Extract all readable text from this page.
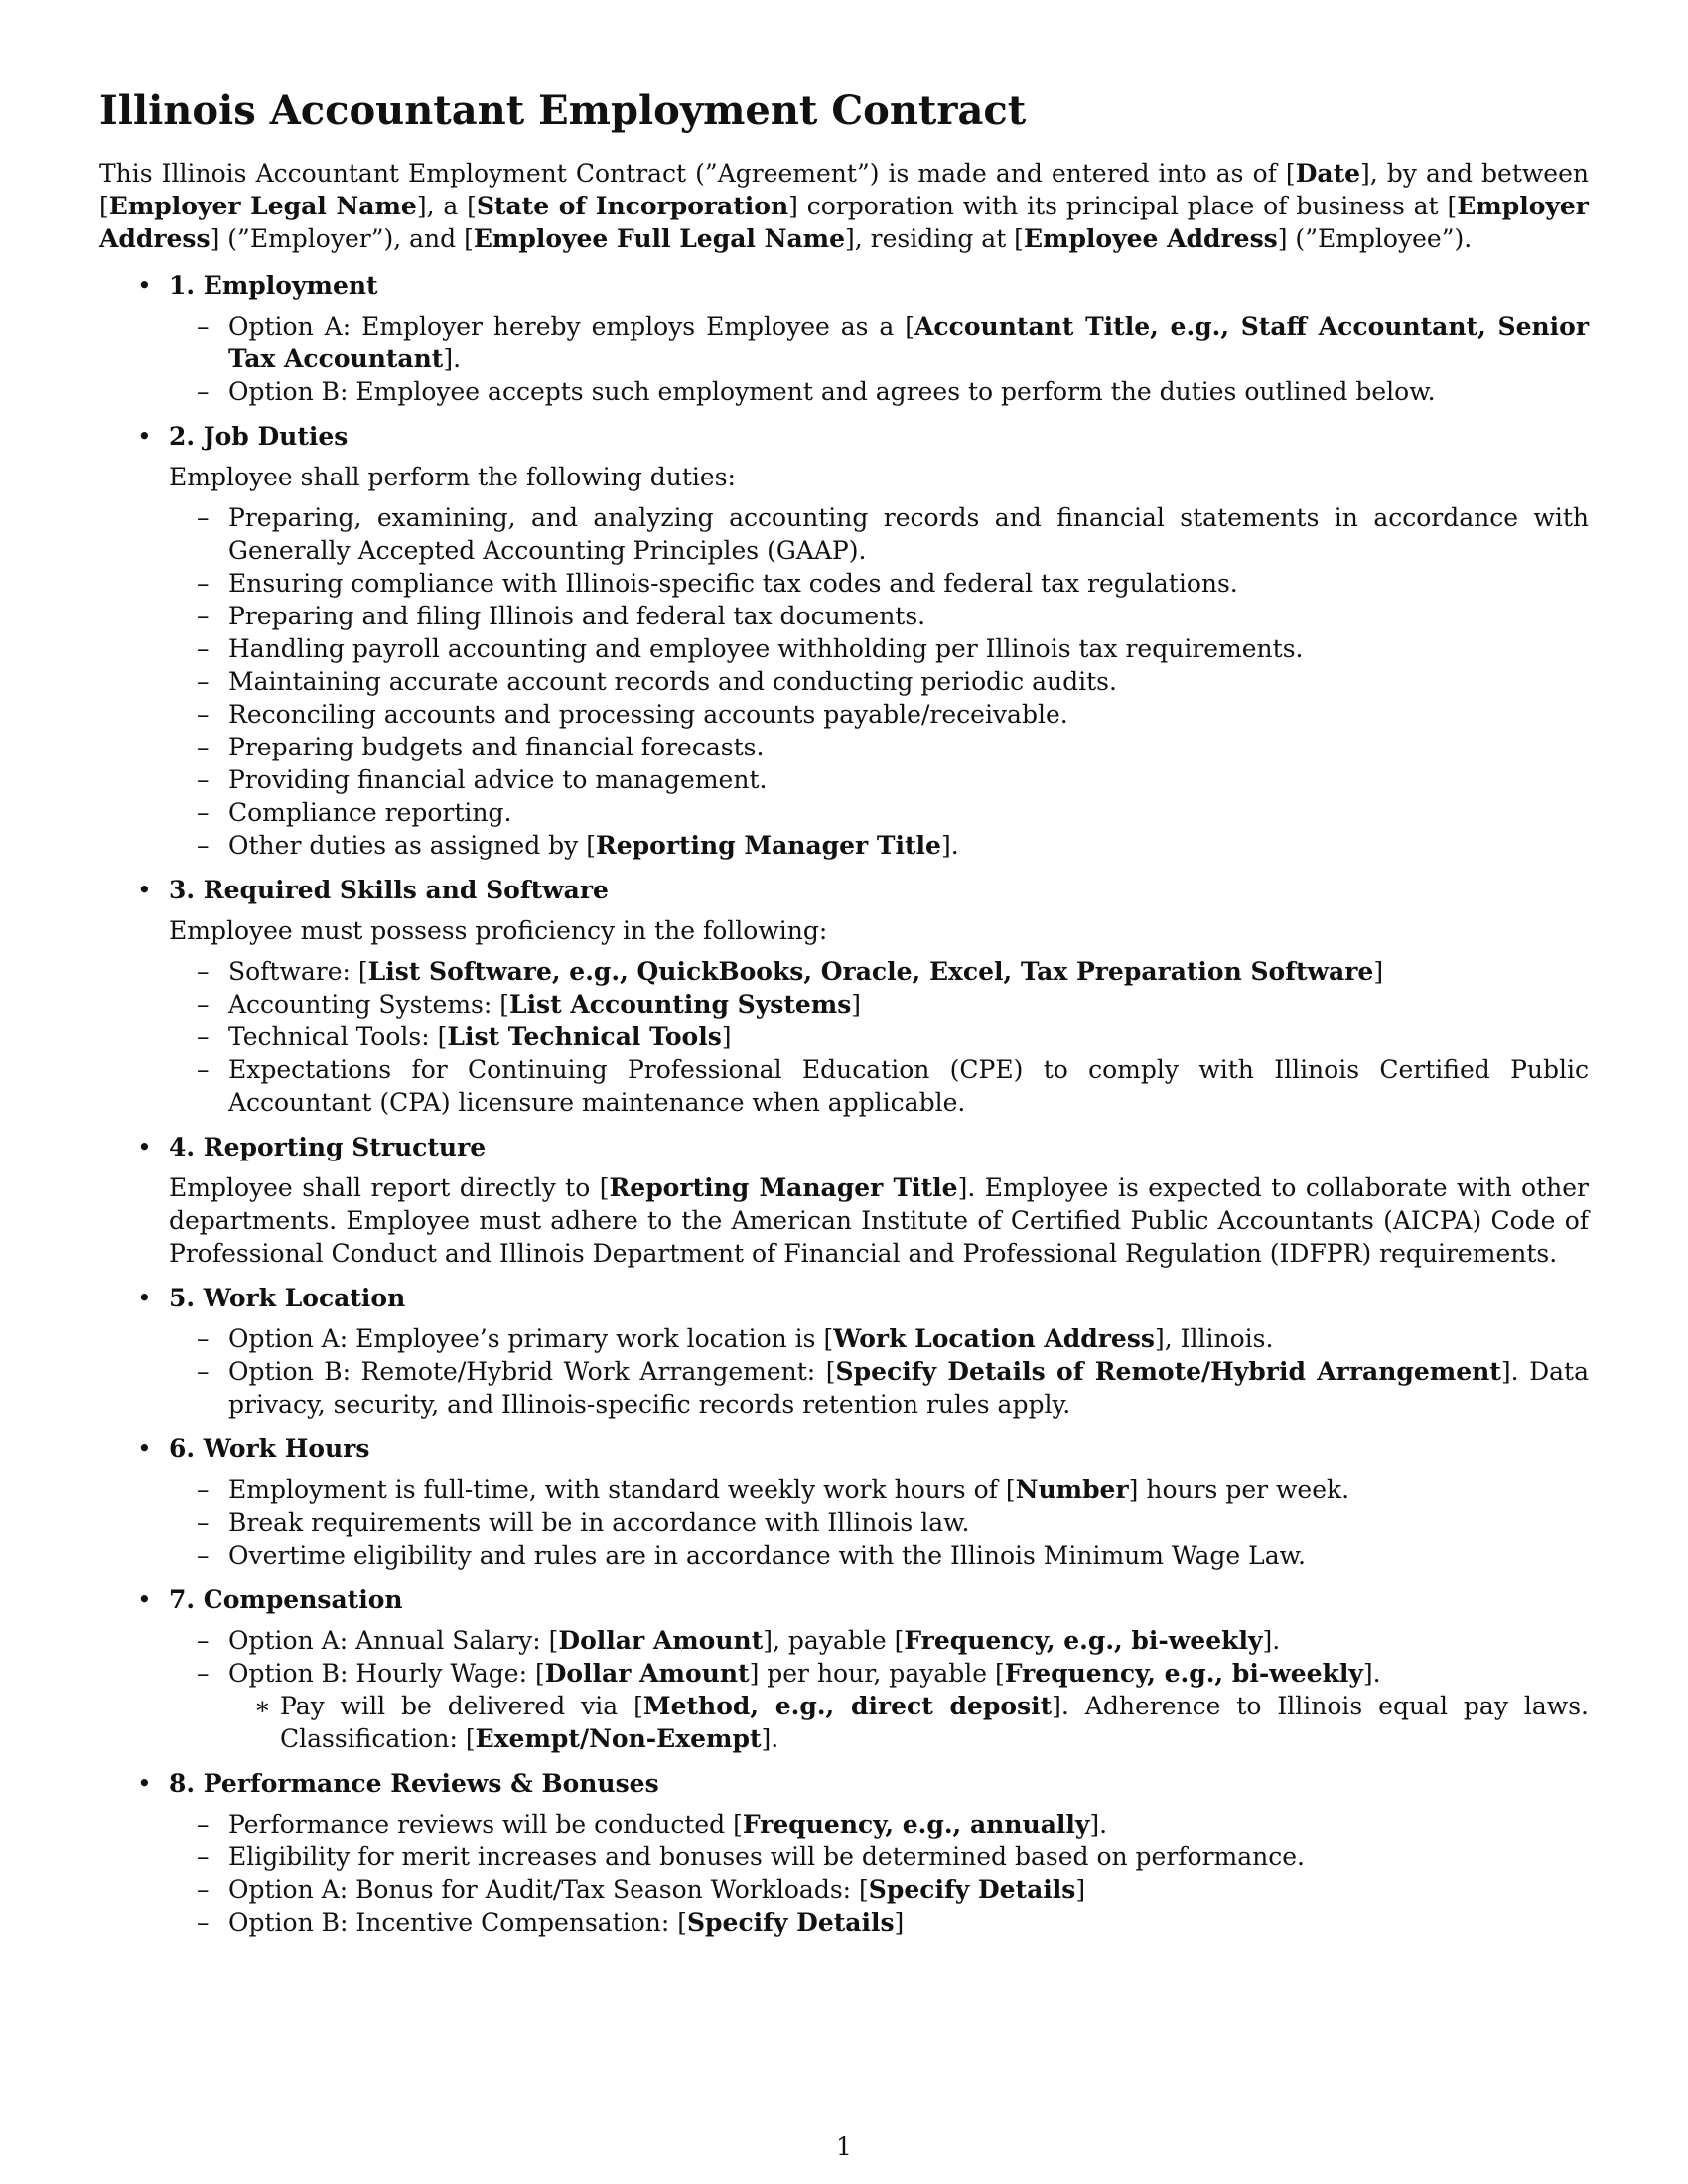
Illinois Accountant Employment Contract

This Illinois Accountant Employment Contract (”Agreement”) is made and entered into as of [Date], by and between [Employer Legal Name], a [State of Incorporation] corporation with its principal place of business at [Employer Address] (”Employer”), and [Employee Full Legal Name], residing at [Employee Address] (”Employee”).

• 1. Employment
– Option A: Employer hereby employs Employee as a [Accountant Title, e.g., Staff Accountant, Senior Tax Accountant].
– Option B: Employee accepts such employment and agrees to perform the duties outlined below.
• 2. Job Duties

Employee shall perform the following duties:

– Preparing, examining, and analyzing accounting records and financial statements in accordance with Generally Accepted Accounting Principles (GAAP).
– Ensuring compliance with Illinois-specific tax codes and federal tax regulations.
– Preparing and filing Illinois and federal tax documents.
– Handling payroll accounting and employee withholding per Illinois tax requirements.
– Maintaining accurate account records and conducting periodic audits.
– Reconciling accounts and processing accounts payable/receivable.
– Preparing budgets and financial forecasts.
– Providing financial advice to management.
– Compliance reporting.
– Other duties as assigned by [Reporting Manager Title].
• 3. Required Skills and Software

Employee must possess proficiency in the following:

– Software: [List Software, e.g., QuickBooks, Oracle, Excel, Tax Preparation Software]
– Accounting Systems: [List Accounting Systems]
– Technical Tools: [List Technical Tools]
– Expectations for Continuing Professional Education (CPE) to comply with Illinois Certified Public Accountant (CPA) licensure maintenance when applicable.
• 4. Reporting Structure

Employee shall report directly to [Reporting Manager Title]. Employee is expected to collaborate with other departments. Employee must adhere to the American Institute of Certified Public Accountants (AICPA) Code of Professional Conduct and Illinois Department of Financial and Professional Regulation (IDFPR) requirements.

• 5. Work Location
– Option A: Employee’s primary work location is [Work Location Address], Illinois.
– Option B: Remote/Hybrid Work Arrangement: [Specify Details of Remote/Hybrid Arrangement]. Data privacy, security, and Illinois-specific records retention rules apply.
• 6. Work Hours
– Employment is full-time, with standard weekly work hours of [Number] hours per week.
– Break requirements will be in accordance with Illinois law.
– Overtime eligibility and rules are in accordance with the Illinois Minimum Wage Law.
• 7. Compensation
– Option A: Annual Salary: [Dollar Amount], payable [Frequency, e.g., bi-weekly].
– Option B: Hourly Wage: [Dollar Amount] per hour, payable [Frequency, e.g., bi-weekly].
∗ Pay will be delivered via [Method, e.g., direct deposit]. Adherence to Illinois equal pay laws. Classification: [Exempt/Non-Exempt].
• 8. Performance Reviews & Bonuses
– Performance reviews will be conducted [Frequency, e.g., annually].
– Eligibility for merit increases and bonuses will be determined based on performance.
– Option A: Bonus for Audit/Tax Season Workloads: [Specify Details]
– Option B: Incentive Compensation: [Specify Details]
1
